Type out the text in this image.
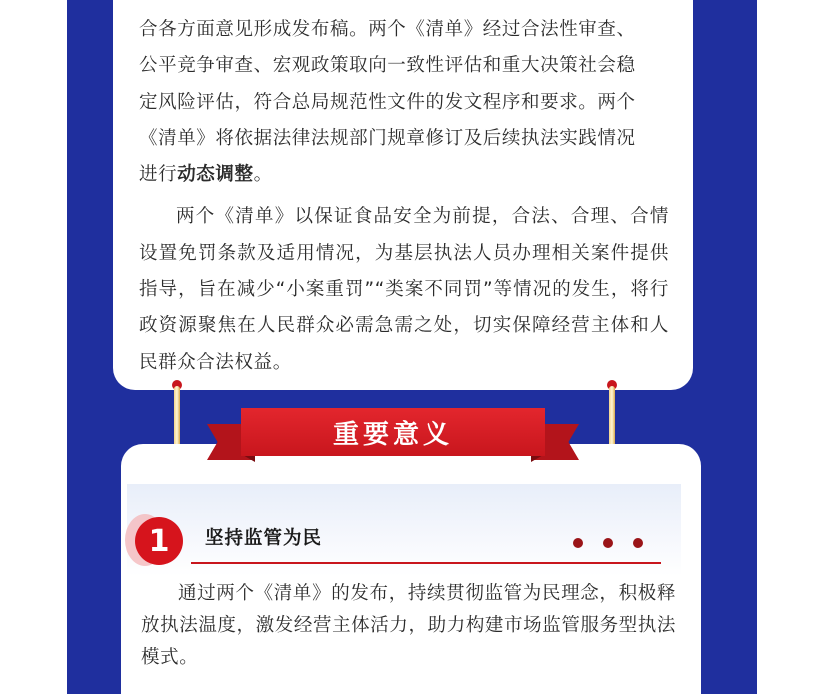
合各方面意见形成发布稿。两个《清单》经过合法性审查、
公平竞争审查、宏观政策取向一致性评估和重大决策社会稳
定风险评估，符合总局规范性文件的发文程序和要求。两个
《清单》将依据法律法规部门规章修订及后续执法实践情况
进行动态调整。

两个《清单》以保证食品安全为前提，合法、合理、合情设置免罚条款及适用情况，为基层执法人员办理相关案件提供指导，旨在减少“小案重罚”“类案不同罚”等情况的发生，将行政资源聚焦在人民群众必需急需之处，切实保障经营主体和人民群众合法权益。

1	坚持监管为民

通过两个《清单》的发布，持续贯彻监管为民理念，积极释放执法温度，激发经营主体活力，助力构建市场监管服务型执法模式。

重要意义
